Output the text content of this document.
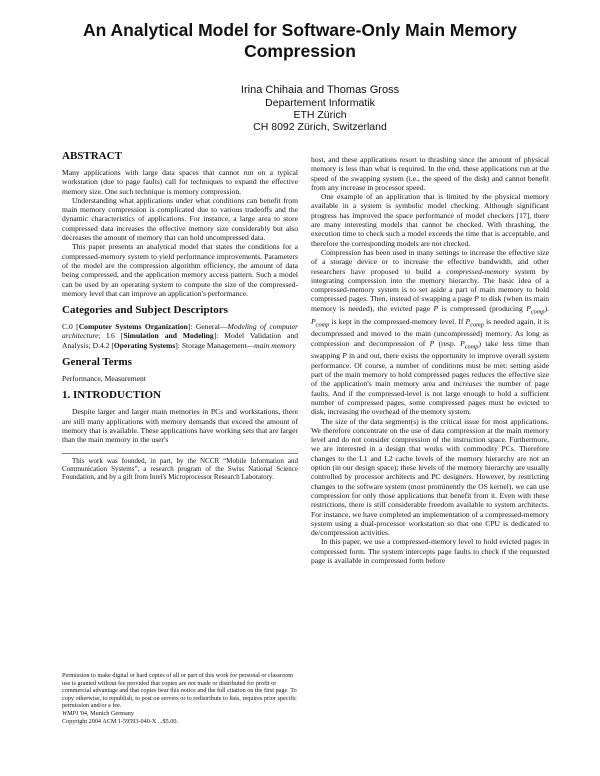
An Analytical Model for Software-Only Main Memory Compression
Irina Chihaia and Thomas Gross
Departement Informatik
ETH Zürich
CH 8092 Zürich, Switzerland
ABSTRACT

Many applications with large data spaces that cannot run on a typical workstation (due to page faults) call for techniques to expand the effective memory size. One such technique is memory compression.

Understanding what applications under what conditions can benefit from main memory compression is complicated due to various tradeoffs and the dynamic characteristics of applications. For instance, a large area to store compressed data increases the effective memory size considerably but also decreases the amount of memory that can hold uncompressed data.

This paper presents an analytical model that states the conditions for a compressed-memory system to yield performance improvements. Parameters of the model are the compression algorithm efficiency, the amount of data being compressed, and the application memory access pattern. Such a model can be used by an operating system to compute the size of the compressed-memory level that can improve an application's performance.

Categories and Subject Descriptors

C.0 [Computer Systems Organization]: General—Modeling of computer architecture; I.6 [Simulation and Modeling]: Model Validation and Analysis; D.4.2 [Operating Systems]: Storage Management—main memory

General Terms

Performance, Measurement

1. INTRODUCTION

Despite larger and larger main memories in PCs and workstations, there are still many applications with memory demands that exceed the amount of memory that is available. These applications have working sets that are larger than the main memory in the user's

This work was founded, in part, by the NCCR “Mobile Information and Communication Systems”, a research program of the Swiss National Science Foundation, and by a gift from Intel's Microprocessor Research Laboratory.

Permission to make digital or hard copies of all or part of this work for personal or classroom use is granted without fee provided that copies are not made or distributed for profit or commercial advantage and that copies bear this notice and the full citation on the first page. To copy otherwise, to republish, to post on servers or to redistribute to lists, requires prior specific permission and/or a fee.
WMPI '04, Munich Germany
Copyright 2004 ACM 1-59593-040-X ...$5.00.

host, and these applications resort to thrashing since the amount of physical memory is less than what is required. In the end, these applications run at the speed of the swapping system (i.e., the speed of the disk) and cannot benefit from any increase in processor speed.

One example of an application that is limited by the physical memory available in a system is symbolic model checking. Although significant progress has improved the space performance of model checkers [17], there are many interesting models that cannot be checked. With thrashing, the execution time to check such a model exceeds the time that is acceptable, and therefore the corresponding models are not checked.

Compression has been used in many settings to increase the effective size of a storage device or to increase the effective bandwidth, and other researchers have proposed to build a compressed-memory system by integrating compression into the memory hierarchy. The basic idea of a compressed-memory system is to set aside a part of main memory to hold compressed pages. Then, instead of swapping a page P to disk (when its main memory is needed), the evicted page P is compressed (producing $P_{comp}$). $P_{comp}$ is kept in the compressed-memory level. If $P_{comp}$ is needed again, it is decompressed and moved to the main (uncompressed) memory. As long as compression and decompression of P (resp. $P_{comp}$) take less time than swapping P in and out, there exists the opportunity to improve overall system performance. Of course, a number of conditions must be met: setting aside part of the main memory to hold compressed pages reduces the effective size of the application's main memory area and increases the number of page faults. And if the compressed-level is not large enough to hold a sufficient number of compressed pages, some compressed pages must be evicted to disk, increasing the overhead of the memory system.

The size of the data segment(s) is the critical issue for most applications. We therefore concentrate on the use of data compression at the main memory level and do not consider compression of the instruction space. Furthermore, we are interested in a design that works with commodity PCs. Therefore changes to the L1 and L2 cache levels of the memory hierarchy are not an option (in our design space); these levels of the memory hierarchy are usually controlled by processor architects and PC designers. However, by restricting changes to the software system (most prominently the OS kernel), we can use compression for only those applications that benefit from it. Even with these restrictions, there is still considerable freedom available to system architects. For instance, we have completed an implementation of a compressed-memory system using a dual-processor workstation so that one CPU is dedicated to de/compression activities.

In this paper, we use a compressed-memory level to hold evicted pages in compressed form. The system intercepts page faults to check if the requested page is available in compressed form before
